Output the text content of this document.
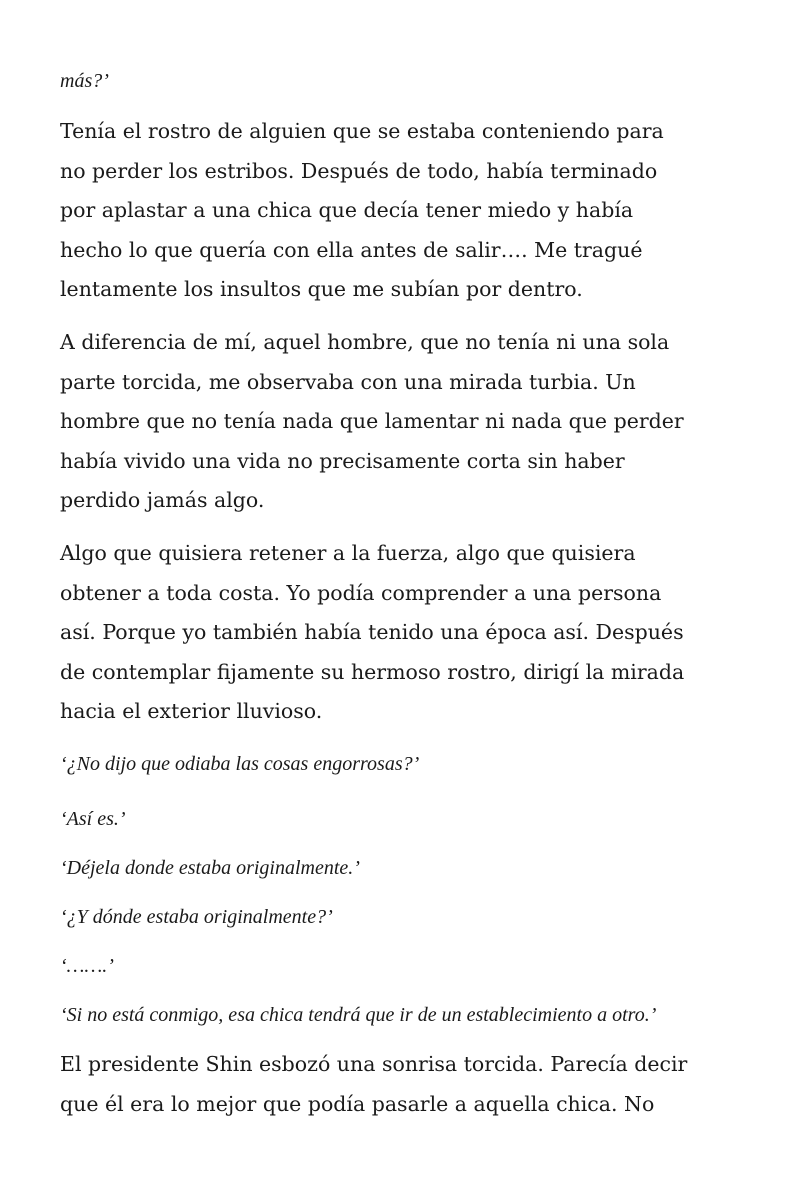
más?’

Tenía el rostro de alguien que se estaba conteniendo para
no perder los estribos. Después de todo, había terminado
por aplastar a una chica que decía tener miedo y había
hecho lo que quería con ella antes de salir…. Me tragué
lentamente los insultos que me subían por dentro.
A diferencia de mí, aquel hombre, que no tenía ni una sola
parte torcida, me observaba con una mirada turbia. Un
hombre que no tenía nada que lamentar ni nada que perder
había vivido una vida no precisamente corta sin haber
perdido jamás algo.
Algo que quisiera retener a la fuerza, algo que quisiera
obtener a toda costa. Yo podía comprender a una persona
así. Porque yo también había tenido una época así. Después
de contemplar fijamente su hermoso rostro, dirigí la mirada
hacia el exterior lluvioso.

‘¿No dijo que odiaba las cosas engorrosas?’

‘Así es.’

‘Déjela donde estaba originalmente.’

‘¿Y dónde estaba originalmente?’

‘…….’

‘Si no está conmigo, esa chica tendrá que ir de un establecimiento a otro.’

El presidente Shin esbozó una sonrisa torcida. Parecía decir
que él era lo mejor que podía pasarle a aquella chica. No
